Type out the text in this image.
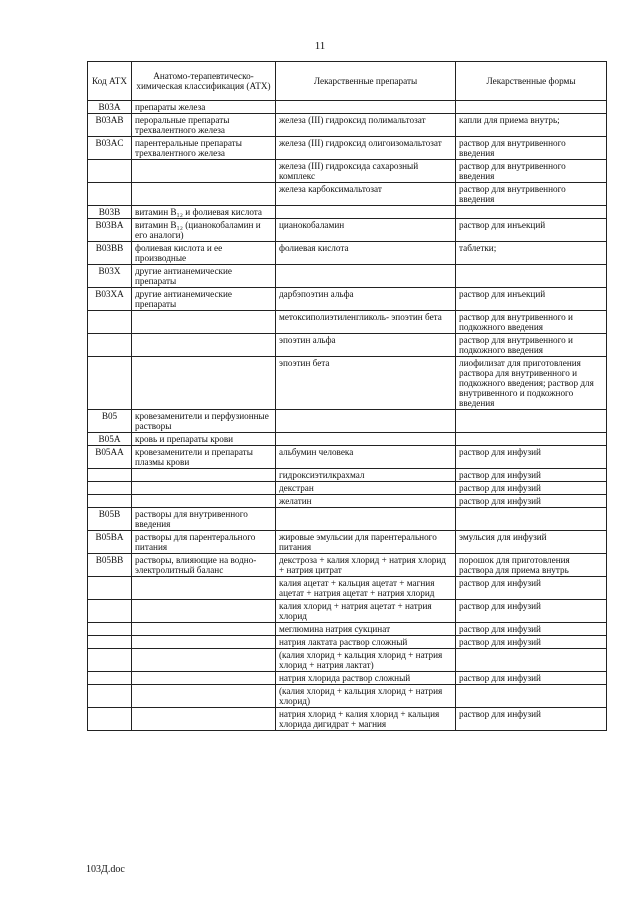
11
Код АТХ	Анатомо-терапевтическо-химическая классификация (АТХ)	Лекарственные препараты	Лекарственные формы
B03A	препараты железа		
B03AB	пероральные препараты трехвалентного железа	железа (III) гидроксид полимальтозат	капли для приема внутрь;
B03AC	парентеральные препараты трехвалентного железа	железа (III) гидроксид олигоизомальтозат	раствор для внутривенного введения
		железа (III) гидроксида сахарозный комплекс	раствор для внутривенного введения
		железа карбоксимальтозат	раствор для внутривенного введения
B03B	витамин B₁₂ и фолиевая кислота		
B03BA	витамин B₁₂ (цианокобаламин и его аналоги)	цианокобаламин	раствор для инъекций
B03BB	фолиевая кислота и ее производные	фолиевая кислота	таблетки;
B03X	другие антианемические препараты		
B03XA	другие антианемические препараты	дарбэпоэтин альфа	раствор для инъекций
		метоксиполиэтиленгликоль- эпоэтин бета	раствор для внутривенного и подкожного введения
		эпоэтин альфа	раствор для внутривенного и подкожного введения
		эпоэтин бета	лиофилизат для приготовления раствора для внутривенного и подкожного введения; раствор для внутривенного и подкожного введения
B05	кровезаменители и перфузионные растворы		
B05A	кровь и препараты крови		
B05AA	кровезаменители и препараты плазмы крови	альбумин человека	раствор для инфузий
		гидроксиэтилкрахмал	раствор для инфузий
		декстран	раствор для инфузий
		желатин	раствор для инфузий
B05B	растворы для внутривенного введения		
B05BA	растворы для парентерального питания	жировые эмульсии для парентерального питания	эмульсия для инфузий
B05BB	растворы, влияющие на водно-электролитный баланс	декстроза + калия хлорид + натрия хлорид + натрия цитрат	порошок для приготовления раствора для приема внутрь
		калия ацетат + кальция ацетат + магния ацетат + натрия ацетат + натрия хлорид	раствор для инфузий
		калия хлорид + натрия ацетат + натрия хлорид	раствор для инфузий
		меглюмина натрия сукцинат	раствор для инфузий
		натрия лактата раствор сложный	раствор для инфузий
		(калия хлорид + кальция хлорид + натрия хлорид + натрия лактат)	
		натрия хлорида раствор сложный	раствор для инфузий
		(калия хлорид + кальция хлорид + натрия хлорид)	
		натрия хлорид + калия хлорид + кальция хлорида дигидрат + магния	раствор для инфузий
103Д.doc
